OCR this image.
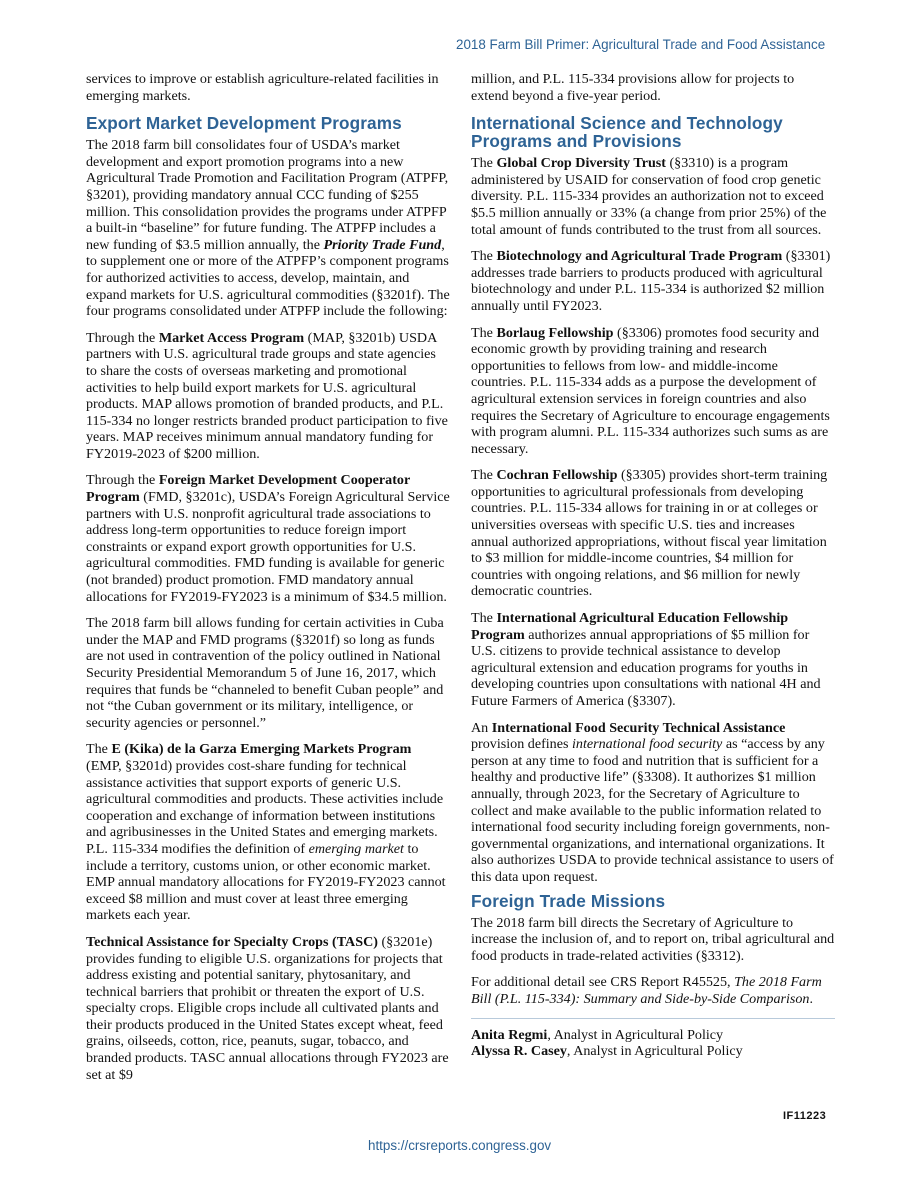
2018 Farm Bill Primer: Agricultural Trade and Food Assistance

services to improve or establish agriculture-related facilities in emerging markets.

Export Market Development Programs

The 2018 farm bill consolidates four of USDA’s market development and export promotion programs into a new Agricultural Trade Promotion and Facilitation Program (ATPFP, §3201), providing mandatory annual CCC funding of $255 million. This consolidation provides the programs under ATPFP a built-in “baseline” for future funding. The ATPFP includes a new funding of $3.5 million annually, the Priority Trade Fund, to supplement one or more of the ATPFP’s component programs for authorized activities to access, develop, maintain, and expand markets for U.S. agricultural commodities (§3201f). The four programs consolidated under ATPFP include the following:

Through the Market Access Program (MAP, §3201b) USDA partners with U.S. agricultural trade groups and state agencies to share the costs of overseas marketing and promotional activities to help build export markets for U.S. agricultural products. MAP allows promotion of branded products, and P.L. 115-334 no longer restricts branded product participation to five years. MAP receives minimum annual mandatory funding for FY2019-2023 of $200 million.

Through the Foreign Market Development Cooperator Program (FMD, §3201c), USDA’s Foreign Agricultural Service partners with U.S. nonprofit agricultural trade associations to address long-term opportunities to reduce foreign import constraints or expand export growth opportunities for U.S. agricultural commodities. FMD funding is available for generic (not branded) product promotion. FMD mandatory annual allocations for FY2019-FY2023 is a minimum of $34.5 million.

The 2018 farm bill allows funding for certain activities in Cuba under the MAP and FMD programs (§3201f) so long as funds are not used in contravention of the policy outlined in National Security Presidential Memorandum 5 of June 16, 2017, which requires that funds be “channeled to benefit Cuban people” and not “the Cuban government or its military, intelligence, or security agencies or personnel.”

The E (Kika) de la Garza Emerging Markets Program (EMP, §3201d) provides cost-share funding for technical assistance activities that support exports of generic U.S. agricultural commodities and products. These activities include cooperation and exchange of information between institutions and agribusinesses in the United States and emerging markets. P.L. 115-334 modifies the definition of emerging market to include a territory, customs union, or other economic market. EMP annual mandatory allocations for FY2019-FY2023 cannot exceed $8 million and must cover at least three emerging markets each year.

Technical Assistance for Specialty Crops (TASC) (§3201e) provides funding to eligible U.S. organizations for projects that address existing and potential sanitary, phytosanitary, and technical barriers that prohibit or threaten the export of U.S. specialty crops. Eligible crops include all cultivated plants and their products produced in the United States except wheat, feed grains, oilseeds, cotton, rice, peanuts, sugar, tobacco, and branded products. TASC annual allocations through FY2023 are set at $9

million, and P.L. 115-334 provisions allow for projects to extend beyond a five-year period.

International Science and Technology Programs and Provisions

The Global Crop Diversity Trust (§3310) is a program administered by USAID for conservation of food crop genetic diversity. P.L. 115-334 provides an authorization not to exceed $5.5 million annually or 33% (a change from prior 25%) of the total amount of funds contributed to the trust from all sources.

The Biotechnology and Agricultural Trade Program (§3301) addresses trade barriers to products produced with agricultural biotechnology and under P.L. 115-334 is authorized $2 million annually until FY2023.

The Borlaug Fellowship (§3306) promotes food security and economic growth by providing training and research opportunities to fellows from low- and middle-income countries. P.L. 115-334 adds as a purpose the development of agricultural extension services in foreign countries and also requires the Secretary of Agriculture to encourage engagements with program alumni. P.L. 115-334 authorizes such sums as are necessary.

The Cochran Fellowship (§3305) provides short-term training opportunities to agricultural professionals from developing countries. P.L. 115-334 allows for training in or at colleges or universities overseas with specific U.S. ties and increases annual authorized appropriations, without fiscal year limitation to $3 million for middle-income countries, $4 million for countries with ongoing relations, and $6 million for newly democratic countries.

The International Agricultural Education Fellowship Program authorizes annual appropriations of $5 million for U.S. citizens to provide technical assistance to develop agricultural extension and education programs for youths in developing countries upon consultations with national 4H and Future Farmers of America (§3307).

An International Food Security Technical Assistance provision defines international food security as “access by any person at any time to food and nutrition that is sufficient for a healthy and productive life” (§3308). It authorizes $1 million annually, through 2023, for the Secretary of Agriculture to collect and make available to the public information related to international food security including foreign governments, non-governmental organizations, and international organizations. It also authorizes USDA to provide technical assistance to users of this data upon request.

Foreign Trade Missions

The 2018 farm bill directs the Secretary of Agriculture to increase the inclusion of, and to report on, tribal agricultural and food products in trade-related activities (§3312).

For additional detail see CRS Report R45525, The 2018 Farm Bill (P.L. 115-334): Summary and Side-by-Side Comparison.

Anita Regmi, Analyst in Agricultural Policy

Alyssa R. Casey, Analyst in Agricultural Policy

IF11223
https://crsreports.congress.gov
